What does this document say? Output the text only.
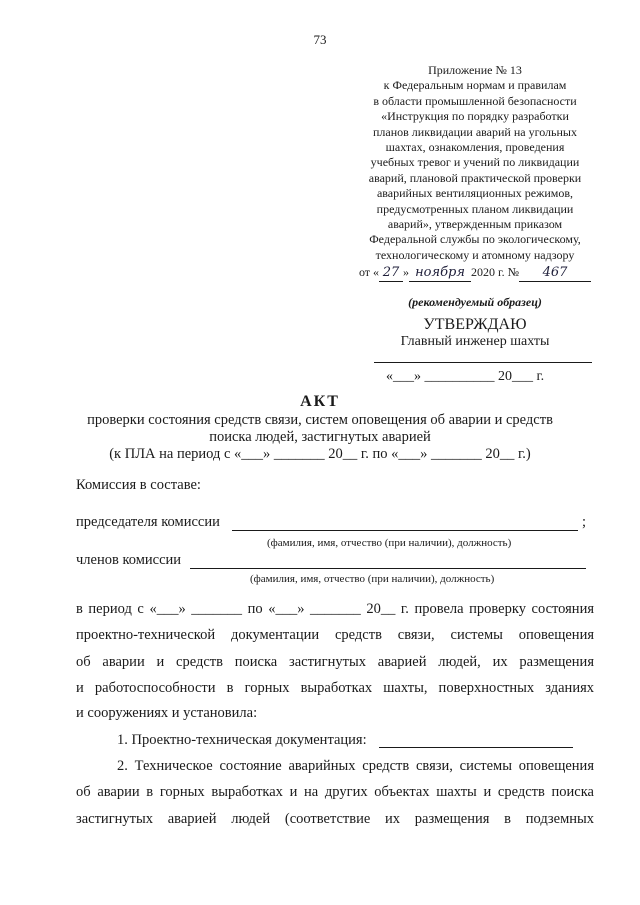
73
Приложение № 13
к Федеральным нормам и правилам
в области промышленной безопасности
«Инструкция по порядку разработки
планов ликвидации аварий на угольных
шахтах, ознакомления, проведения
учебных тревог и учений по ликвидации
аварий, плановой практической проверки
аварийных вентиляционных режимов,
предусмотренных планом ликвидации
аварий», утвержденным приказом
Федеральной службы по экологическому,
технологическому и атомному надзору
от « 27 » ноября 2020 г. № 467
(рекомендуемый образец)
УТВЕРЖДАЮ
Главный инженер шахты
«___» __________ 20___ г.
АКТ
проверки состояния средств связи, систем оповещения об аварии и средств
поиска людей, застигнутых аварией
(к ПЛА на период с «___» _______ 20__ г. по «___» _______ 20__ г.)
Комиссия в составе:
председателя комиссии	;
(фамилия, имя, отчество (при наличии), должность)
членов комиссии
(фамилия, имя, отчество (при наличии), должность)
в период с «___» _______ по «___» _______ 20__ г. провела проверку состояния
проектно-технической документации средств связи, системы оповещения
об аварии и средств поиска застигнутых аварией людей, их размещения
и работоспособности в горных выработках шахты, поверхностных зданиях
и сооружениях и установила:
1. Проектно-техническая документация:
2. Техническое состояние аварийных средств связи, системы оповещения
об аварии в горных выработках и на других объектах шахты и средств поиска
застигнутых аварией людей (соответствие их размещения в подземных
